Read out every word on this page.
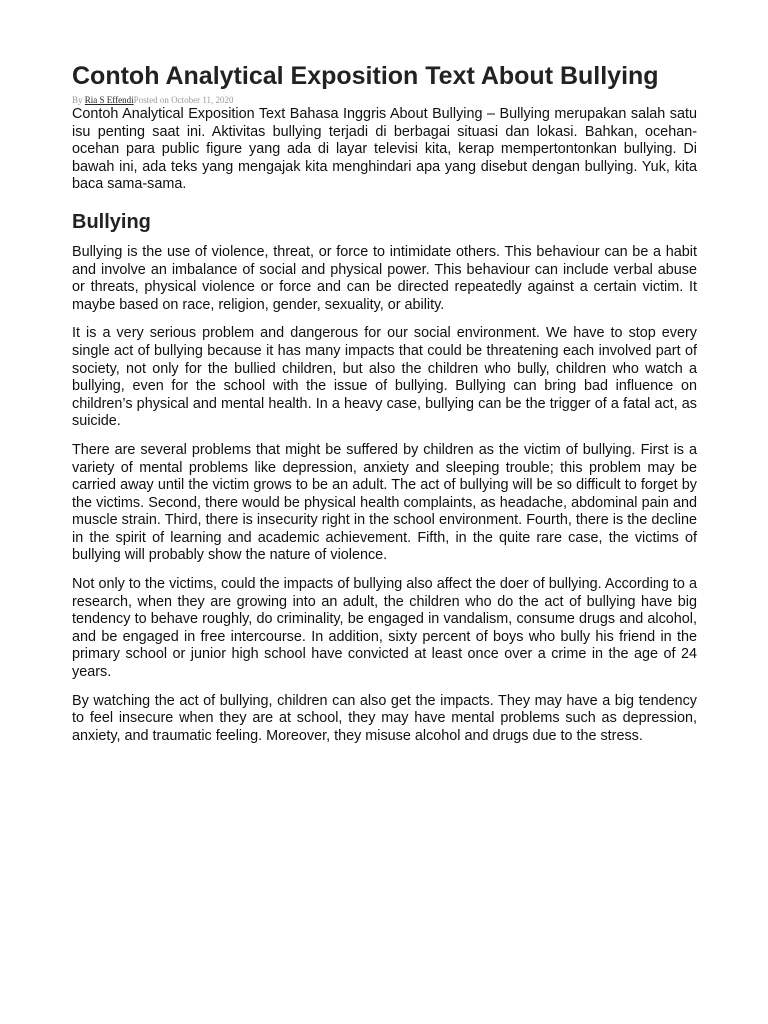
Contoh Analytical Exposition Text About Bullying
By Ria S EffendiPosted on October 11, 2020

Contoh Analytical Exposition Text Bahasa Inggris About Bullying – Bullying merupakan salah satu isu penting saat ini. Aktivitas bullying terjadi di berbagai situasi dan lokasi. Bahkan, ocehan-ocehan para public figure yang ada di layar televisi kita, kerap mempertontonkan bullying. Di bawah ini, ada teks yang mengajak kita menghindari apa yang disebut dengan bullying. Yuk, kita baca sama-sama.

Bullying

Bullying is the use of violence, threat, or force to intimidate others. This behaviour can be a habit and involve an imbalance of social and physical power. This behaviour can include verbal abuse or threats, physical violence or force and can be directed repeatedly against a certain victim. It maybe based on race, religion, gender, sexuality, or ability.

It is a very serious problem and dangerous for our social environment. We have to stop every single act of bullying because it has many impacts that could be threatening each involved part of society, not only for the bullied children, but also the children who bully, children who watch a bullying, even for the school with the issue of bullying. Bullying can bring bad influence on children’s physical and mental health. In a heavy case, bullying can be the trigger of a fatal act, as suicide.

There are several problems that might be suffered by children as the victim of bullying. First is a variety of mental problems like depression, anxiety and sleeping trouble; this problem may be carried away until the victim grows to be an adult. The act of bullying will be so difficult to forget by the victims. Second, there would be physical health complaints, as headache, abdominal pain and muscle strain. Third, there is insecurity right in the school environment. Fourth, there is the decline in the spirit of learning and academic achievement. Fifth, in the quite rare case, the victims of bullying will probably show the nature of violence.

Not only to the victims, could the impacts of bullying also affect the doer of bullying. According to a research, when they are growing into an adult, the children who do the act of bullying have big tendency to behave roughly, do criminality, be engaged in vandalism, consume drugs and alcohol, and be engaged in free intercourse. In addition, sixty percent of boys who bully his friend in the primary school or junior high school have convicted at least once over a crime in the age of 24 years.

By watching the act of bullying, children can also get the impacts. They may have a big tendency to feel insecure when they are at school, they may have mental problems such as depression, anxiety, and traumatic feeling. Moreover, they misuse alcohol and drugs due to the stress.
